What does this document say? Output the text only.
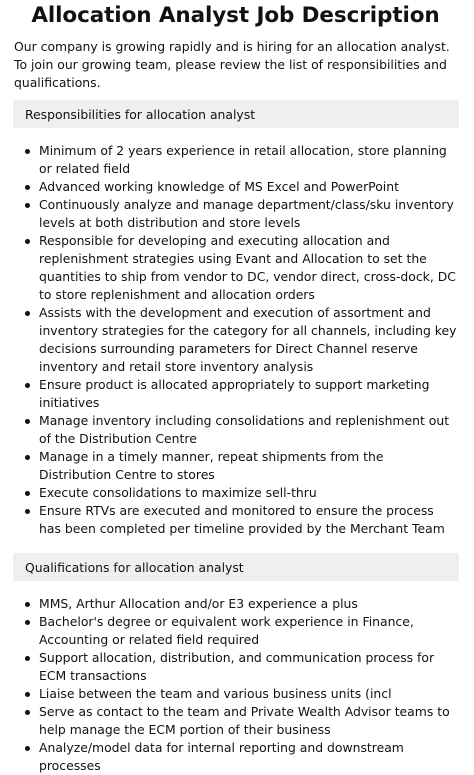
Allocation Analyst Job Description

Our company is growing rapidly and is hiring for an allocation analyst. To join our growing team, please review the list of responsibilities and qualifications.

Responsibilities for allocation analyst
Minimum of 2 years experience in retail allocation, store planning or related field
Advanced working knowledge of MS Excel and PowerPoint
Continuously analyze and manage department/class/sku inventory levels at both distribution and store levels
Responsible for developing and executing allocation and replenishment strategies using Evant and Allocation to set the quantities to ship from vendor to DC, vendor direct, cross-dock, DC to store replenishment and allocation orders
Assists with the development and execution of assortment and inventory strategies for the category for all channels, including key decisions surrounding parameters for Direct Channel reserve inventory and retail store inventory analysis
Ensure product is allocated appropriately to support marketing initiatives
Manage inventory including consolidations and replenishment out of the Distribution Centre
Manage in a timely manner, repeat shipments from the Distribution Centre to stores
Execute consolidations to maximize sell-thru
Ensure RTVs are executed and monitored to ensure the process has been completed per timeline provided by the Merchant Team
Qualifications for allocation analyst
MMS, Arthur Allocation and/or E3 experience a plus
Bachelor's degree or equivalent work experience in Finance, Accounting or related field required
Support allocation, distribution, and communication process for ECM transactions
Liaise between the team and various business units (incl
Serve as contact to the team and Private Wealth Advisor teams to help manage the ECM portion of their business
Analyze/model data for internal reporting and downstream processes
